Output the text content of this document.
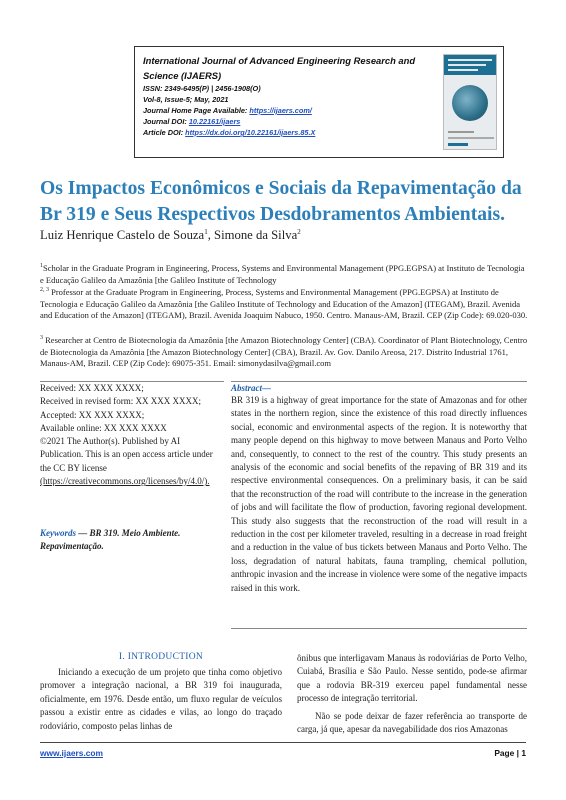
International Journal of Advanced Engineering Research and
Science (IJAERS)
ISSN: 2349-6495(P) | 2456-1908(O)
Vol-8, Issue-5; May, 2021
Journal Home Page Available: https://ijaers.com/
Journal DOI: 10.22161/ijaers
Article DOI: https://dx.doi.org/10.22161/ijaers.85.X
Os Impactos Econômicos e Sociais da Repavimentação da Br 319 e Seus Respectivos Desdobramentos Ambientais.
Luiz Henrique Castelo de Souza$^1$, Simone da Silva$^2$
$^1$Scholar in the Graduate Program in Engineering, Process, Systems and Environmental Management (PPG.EGPSA) at Instituto de Tecnologia e Educação Galileo da Amazônia [the Galileo Institute of Technology
$^{2, 3}$ Professor at the Graduate Program in Engineering, Process, Systems and Environmental Management (PPG.EGPSA) at Instituto de Tecnologia e Educação Galileo da Amazônia [the Galileo Institute of Technology and Education of the Amazon] (ITEGAM), Brazil. Avenida and Education of the Amazon] (ITEGAM), Brazil. Avenida Joaquim Nabuco, 1950. Centro. Manaus-AM, Brazil. CEP (Zip Code): 69.020-030.
$^3$ Researcher at Centro de Biotecnologia da Amazônia [the Amazon Biotechnology Center] (CBA). Coordinator of Plant Biotechnology, Centro de Biotecnologia da Amazônia [the Amazon Biotechnology Center] (CBA), Brazil. Av. Gov. Danilo Areosa, 217. Distrito Industrial 1761, Manaus-AM, Brazil. CEP (Zip Code): 69075-351. Email: simonydasilva@gmail.com
Received: XX XXX XXXX;
Received in revised form: XX XXX XXXX;
Accepted: XX XXX XXXX;
Available online: XX XXX XXXX
©2021 The Author(s). Published by AI Publication. This is an open access article under the CC BY license
(https://creativecommons.org/licenses/by/4.0/).
Keywords — BR 319. Meio Ambiente. Repavimentação.
Abstract—
BR 319 is a highway of great importance for the state of Amazonas and for other states in the northern region, since the existence of this road directly influences social, economic and environmental aspects of the region. It is noteworthy that many people depend on this highway to move between Manaus and Porto Velho and, consequently, to connect to the rest of the country. This study presents an analysis of the economic and social benefits of the repaving of BR 319 and its respective environmental consequences. On a preliminary basis, it can be said that the reconstruction of the road will contribute to the increase in the generation of jobs and will facilitate the flow of production, favoring regional development. This study also suggests that the reconstruction of the road will result in a reduction in the cost per kilometer traveled, resulting in a decrease in road freight and a reduction in the value of bus tickets between Manaus and Porto Velho. The loss, degradation of natural habitats, fauna trampling, chemical pollution, anthropic invasion and the increase in violence were some of the negative impacts raised in this work.
I. INTRODUCTION
Iniciando a execução de um projeto que tinha como objetivo promover a integração nacional, a BR 319 foi inaugurada, oficialmente, em 1976. Desde então, um fluxo regular de veículos passou a existir entre as cidades e vilas, ao longo do traçado rodoviário, composto pelas linhas de

ônibus que interligavam Manaus às rodoviárias de Porto Velho, Cuiabá, Brasília e São Paulo. Nesse sentido, pode-se afirmar que a rodovia BR-319 exerceu papel fundamental nesse processo de integração territorial.

Não se pode deixar de fazer referência ao transporte de carga, já que, apesar da navegabilidade dos rios Amazonas

www.ijaers.com	Page | 1
